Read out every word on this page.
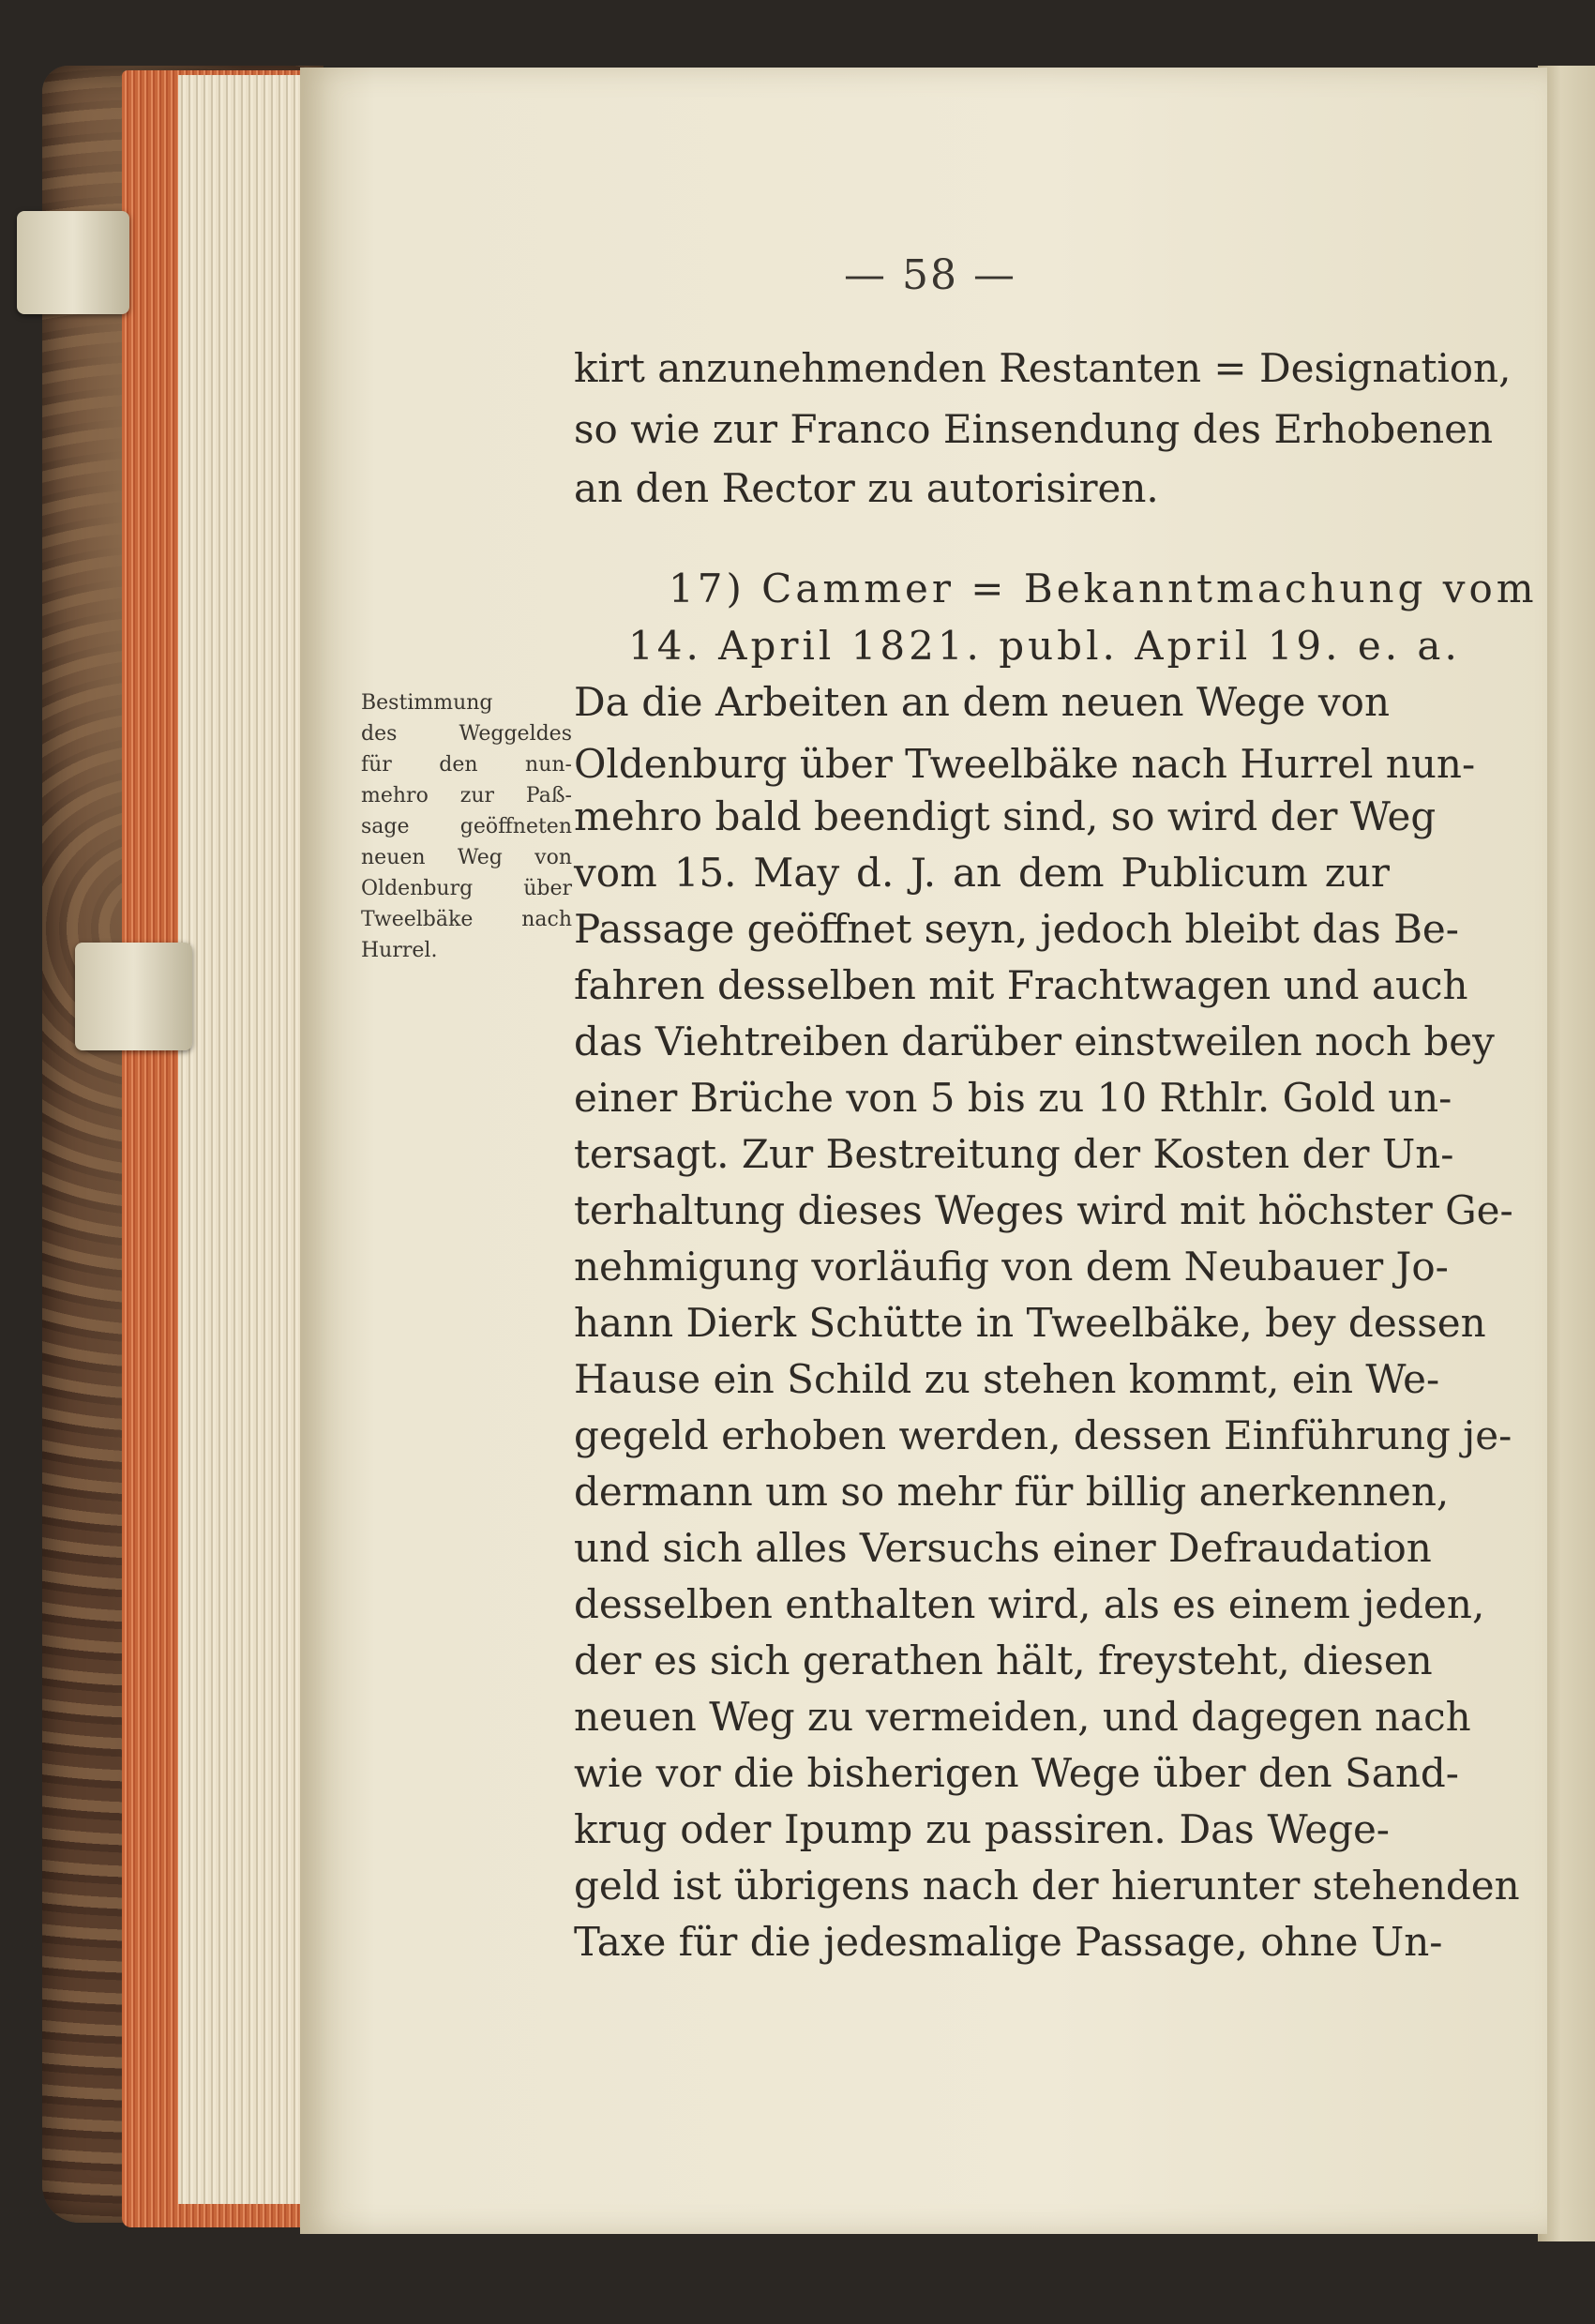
— 58 —
kirt anzunehmenden Restanten = Designation,
so wie zur Franco Einsendung des Erhobenen
an den Rector zu autorisiren.
17) Cammer = Bekanntmachung vom
14. April 1821. publ. April 19. e. a.
Bestimmung
des Weggeldes
für den nun-
mehro zur Paß-
sage geöffneten
neuen Weg von
Oldenburg über
Tweelbäke nach
Hurrel.
Da die Arbeiten an dem neuen Wege von
Oldenburg über Tweelbäke nach Hurrel nun-
mehro bald beendigt sind, so wird der Weg
vom 15. May d. J. an dem Publicum zur
Passage geöffnet seyn, jedoch bleibt das Be-
fahren desselben mit Frachtwagen und auch
das Viehtreiben darüber einstweilen noch bey
einer Brüche von 5 bis zu 10 Rthlr. Gold un-
tersagt. Zur Bestreitung der Kosten der Un-
terhaltung dieses Weges wird mit höchster Ge-
nehmigung vorläufig von dem Neubauer Jo-
hann Dierk Schütte in Tweelbäke, bey dessen
Hause ein Schild zu stehen kommt, ein We-
gegeld erhoben werden, dessen Einführung je-
dermann um so mehr für billig anerkennen,
und sich alles Versuchs einer Defraudation
desselben enthalten wird, als es einem jeden,
der es sich gerathen hält, freysteht, diesen
neuen Weg zu vermeiden, und dagegen nach
wie vor die bisherigen Wege über den Sand-
krug oder Ipump zu passiren. Das Wege-
geld ist übrigens nach der hierunter stehenden
Taxe für die jedesmalige Passage, ohne Un-
